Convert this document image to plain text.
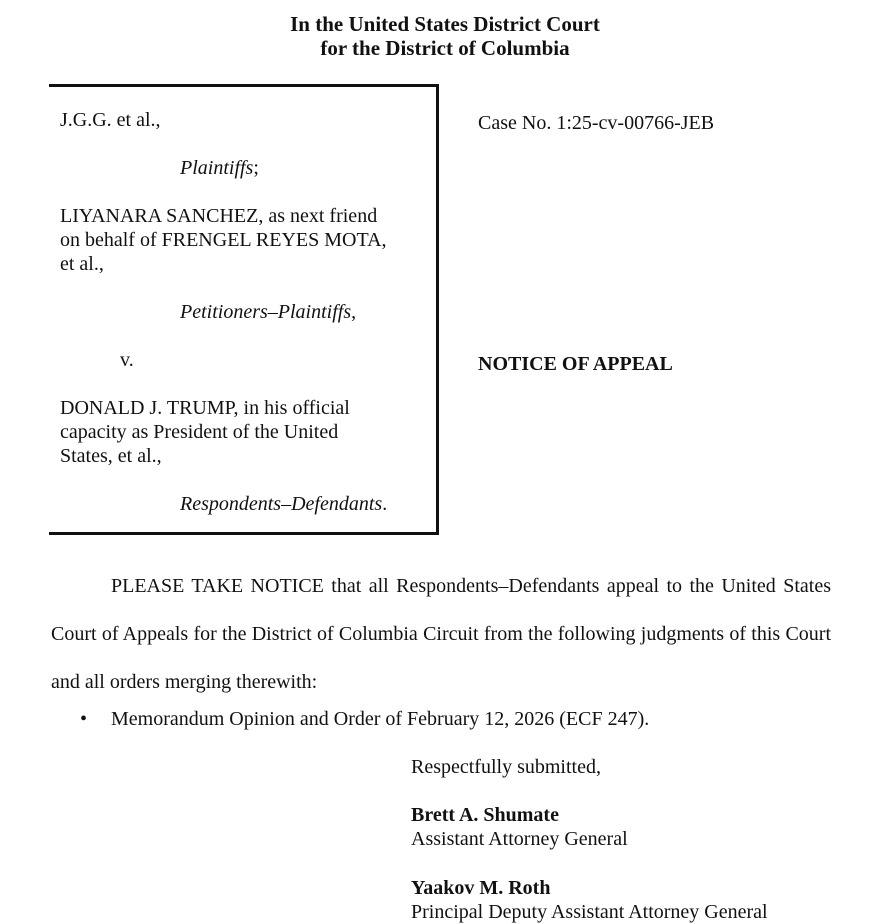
In the United States District Court
for the District of Columbia
J.G.G. et al.,
Plaintiffs;
LIYANARA SANCHEZ, as next friend
on behalf of FRENGEL REYES MOTA,
et al.,
Petitioners–Plaintiffs,
v.
DONALD J. TRUMP, in his official
capacity as President of the United
States, et al.,
Respondents–Defendants.
Case No. 1:25-cv-00766-JEB
NOTICE OF APPEAL

PLEASE TAKE NOTICE that all Respondents–Defendants appeal to the United States Court of Appeals for the District of Columbia Circuit from the following judgments of this Court and all orders merging therewith:

• Memorandum Opinion and Order of February 12, 2026 (ECF 247).
Respectfully submitted,
Brett A. Shumate
Assistant Attorney General
Yaakov M. Roth
Principal Deputy Assistant Attorney General
